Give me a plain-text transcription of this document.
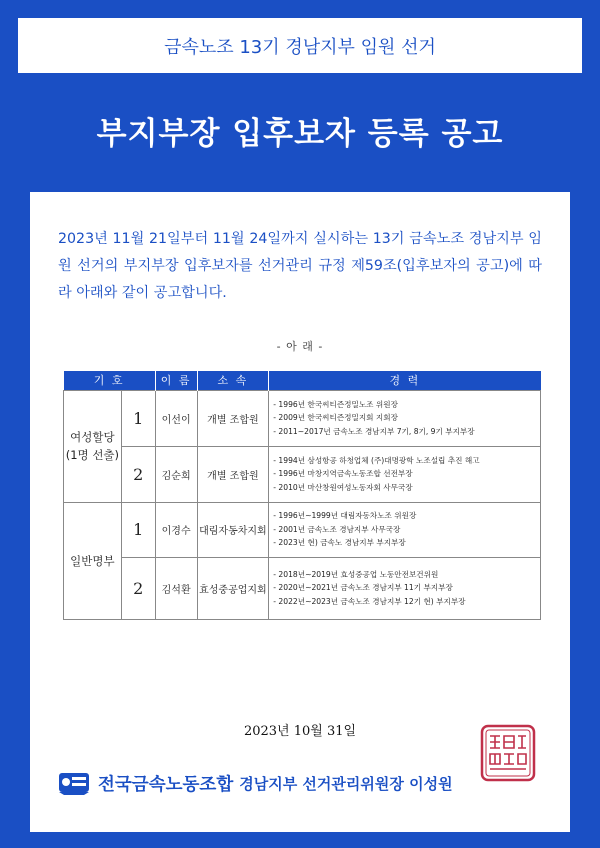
금속노조 13기 경남지부 임원 선거
부지부장 입후보자 등록 공고

2023년 11월 21일부터 11월 24일까지 실시하는 13기 금속노조 경남지부 임원 선거의 부지부장 입후보자를 선거관리 규정 제59조(입후보자의 공고)에 따라 아래와 같이 공고합니다.

- 아 래 -
기 호		이 름	소 속	경 력
여성할당
(1명 선출)	1	이선이	개별 조합원	- 1996년 한국씨티즌정밀노조 위원장
- 2009년 한국씨티즌정밀지회 지회장
- 2011~2017년 금속노조 경남지부 7기, 8기, 9기 부지부장

	2	김순희	개별 조합원	- 1994년 삼성항공 하청업체 (주)대명광학 노조설립 추진 해고
- 1996년 마창지역금속노동조합 선전부장
- 2010년 마산창원여성노동자회 사무국장

일반명부	1	이경수	대림자동차지회	- 1996년~1999년 대림자동차노조 위원장
- 2001년 금속노조 경남지부 사무국장
- 2023년 현) 금속노 경남지부 부지부장

	2	김석환	효성중공업지회	- 2018년~2019년 효성중공업 노동안전보건위원
- 2020년~2021년 금속노조 경남지부 11기 부지부장
- 2022년~2023년 금속노조 경남지부 12기 현) 부지부장
2023년 10월 31일
전국금속노동조합 경남지부 선거관리위원장 이성원
